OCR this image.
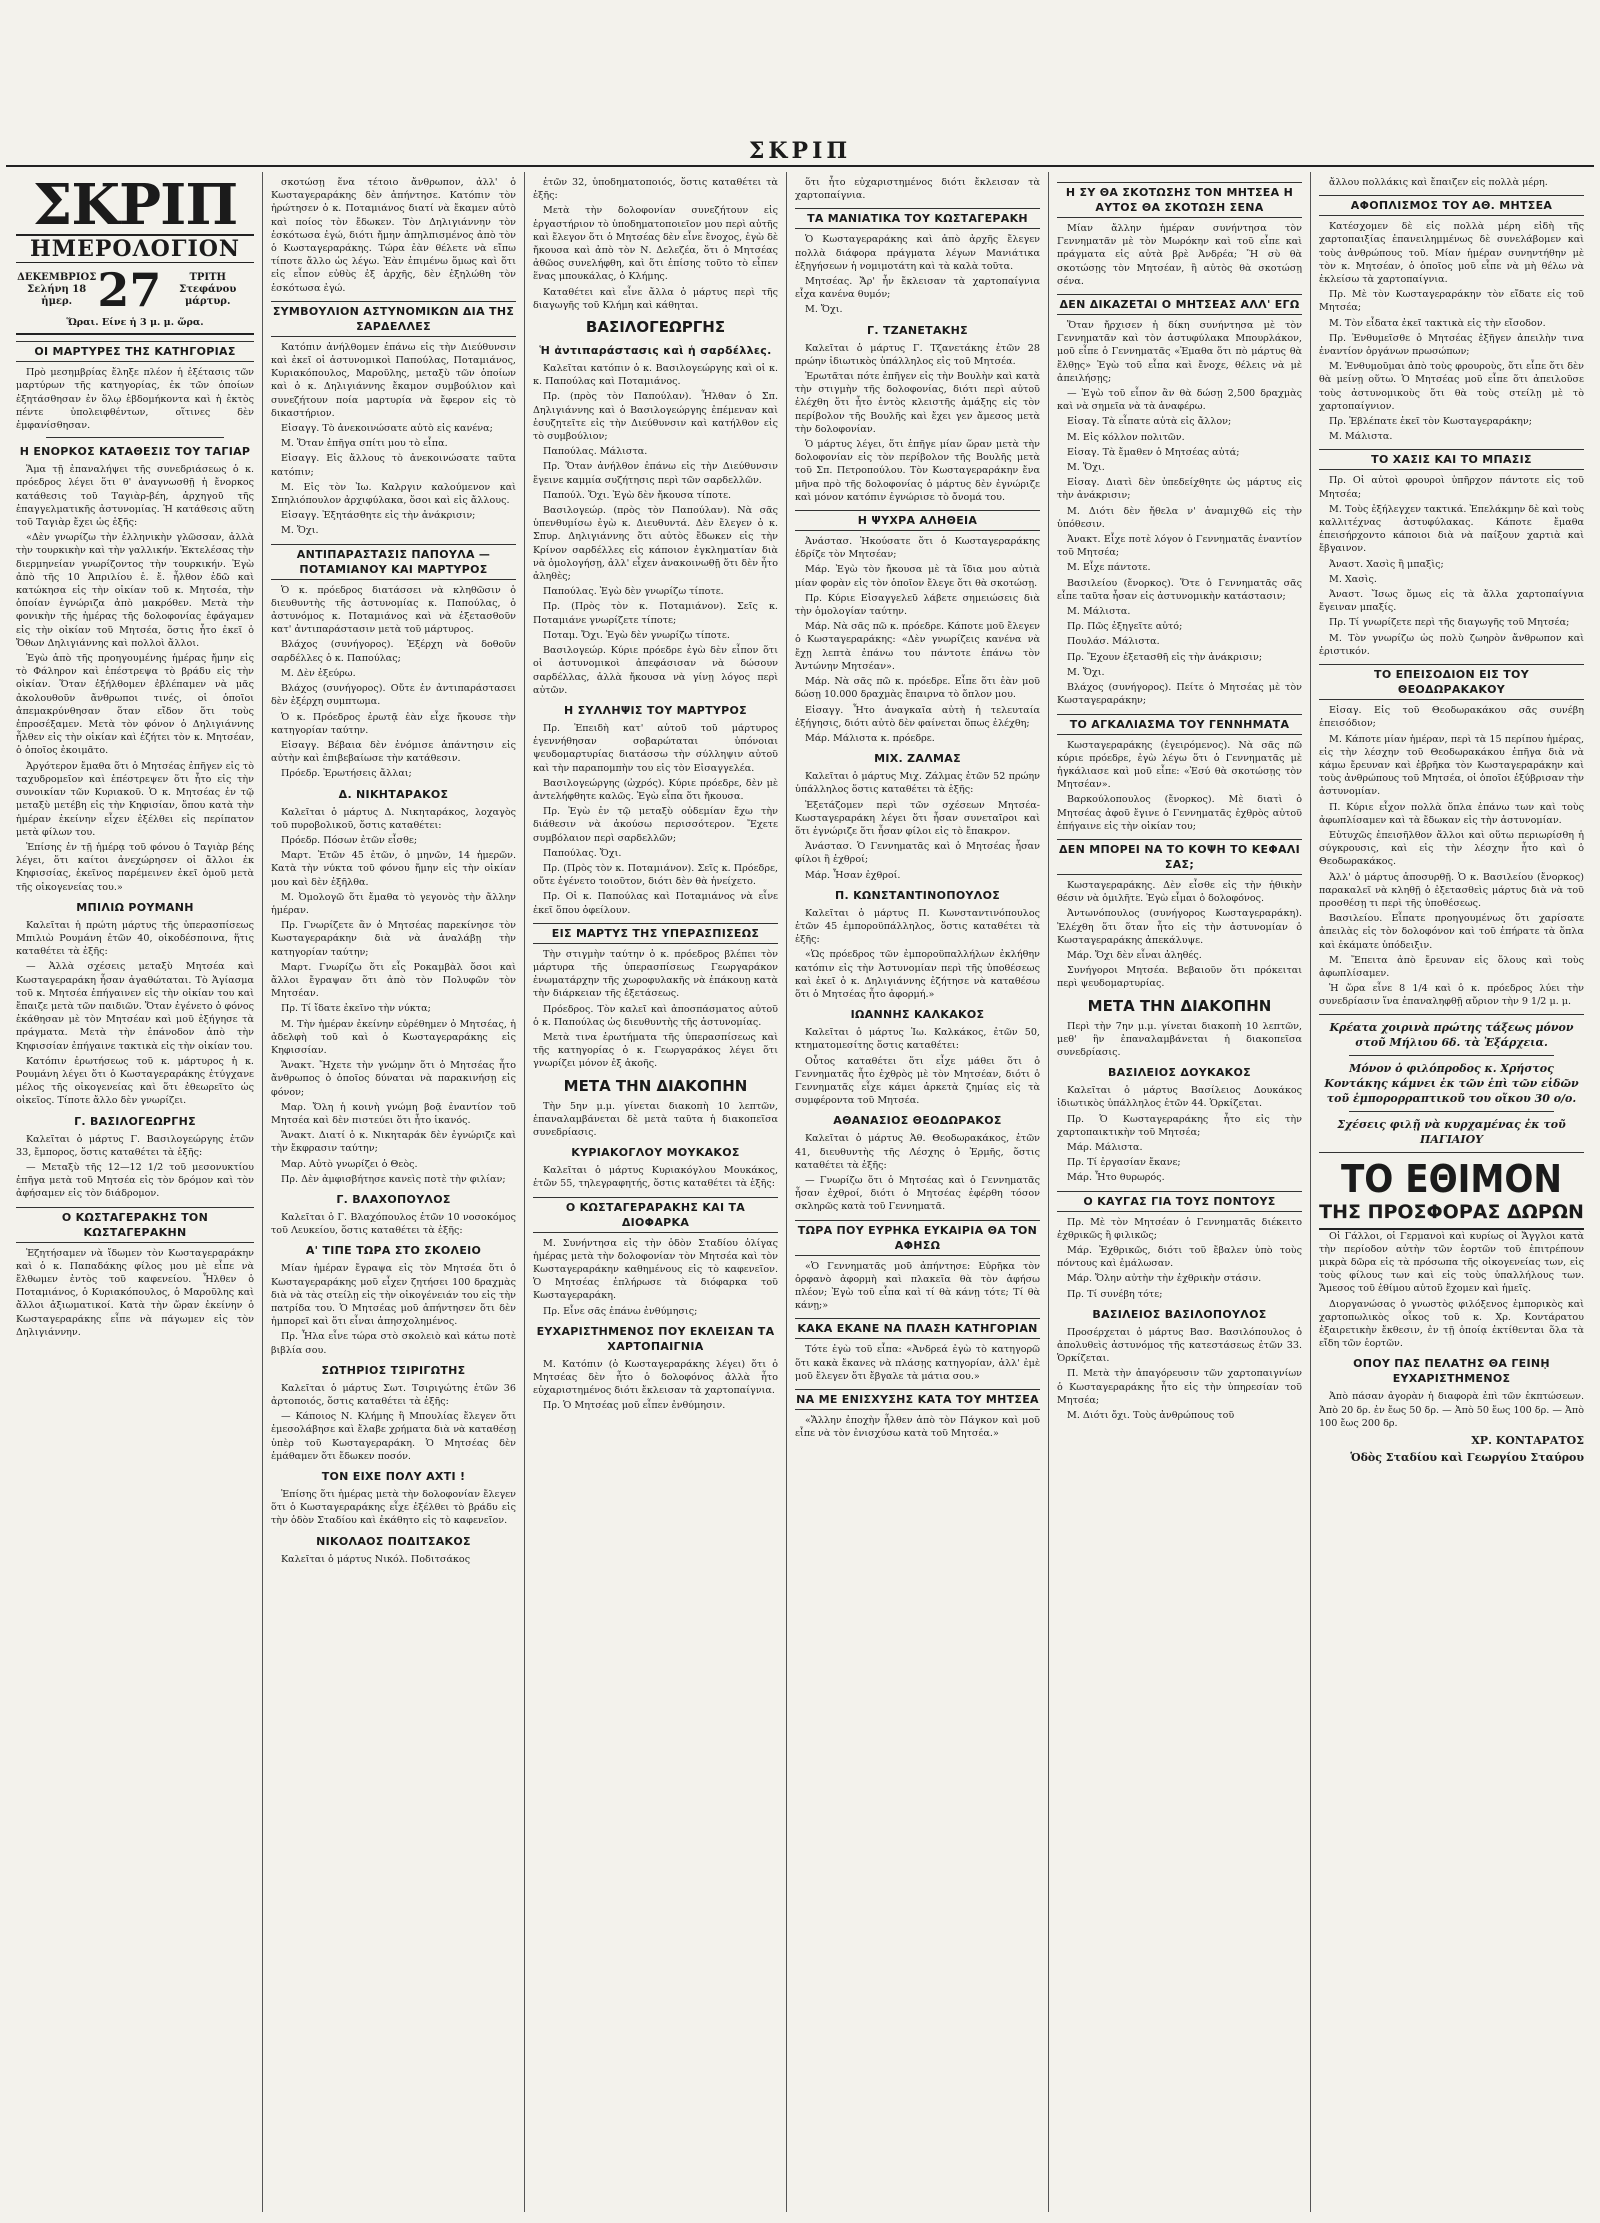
ΣΚΡΙΠ
ΣΚΡΙΠ
ΗΜΕΡΟΛΟΓΙΟΝ
ΔΕΚΕΜΒΡΙΟΣ
Σελήνη 18 ἡμερ. 27	ΤΡΙΤΗ
Στεφάνου μάρτυρ.
Ὥραι. Είνε ἡ 3 μ. μ. ὥρα.
ΟΙ ΜΑΡΤΥΡΕΣ ΤΗΣ ΚΑΤΗΓΟΡΙΑΣ

Πρὸ μεσημβρίας ἔληξε πλέον ἡ ἐξέτασις τῶν μαρτύρων τῆς κατηγορίας, ἐκ τῶν ὁποίων ἐξητάσθησαν ἐν ὅλῳ ἑβδομήκοντα καὶ ἡ ἐκτὸς πέντε ὑπολειφθέντων, οἵτινες δὲν ἐμφανίσθησαν.

Η ΕΝΟΡΚΟΣ ΚΑΤΑΘΕΣΙΣ ΤΟΥ ΤΑΓΙΑΡ

Ἅμα τῇ ἐπαναλήψει τῆς συνεδριάσεως ὁ κ. πρόεδρος λέγει ὅτι θ' ἀναγνωσθῇ ἡ ἔνορκος κατάθεσις τοῦ Ταγιὰρ-βέη, ἀρχηγοῦ τῆς ἐπαγγελματικῆς ἀστυνομίας. Ἡ κατάθεσις αὕτη τοῦ Ταγιὰρ ἔχει ὡς ἑξῆς:

«Δὲν γνωρίζω τὴν ἑλληνικὴν γλῶσσαν, ἀλλὰ τὴν τουρκικὴν καὶ τὴν γαλλικήν. Ἐκτελέσας τὴν διερμηνείαν γνωρίζοντος τὴν τουρκικήν. Ἐγὼ ἀπὸ τῆς 10 Ἀπριλίου ἐ. ἔ. ἦλθον ἐδῶ καὶ κατώκησα εἰς τὴν οἰκίαν τοῦ κ. Μητσέα, τὴν ὁποίαν ἐγνώριζα ἀπὸ μακρόθεν. Μετὰ τὴν φονικὴν τῆς ἡμέρας τῆς δολοφονίας ἐφάγαμεν εἰς τὴν οἰκίαν τοῦ Μητσέα, ὅστις ἦτο ἐκεῖ ὁ Ὄθων Δηλιγιάννης καὶ πολλοὶ ἄλλοι.

Ἐγὼ ἀπὸ τῆς προηγουμένης ἡμέρας ἤμην εἰς τὸ Φάληρον καὶ ἐπέστρεψα τὸ βράδυ εἰς τὴν οἰκίαν. Ὅταν ἐξήλθομεν ἐβλέπαμεν νὰ μᾶς ἀκολουθοῦν ἄνθρωποι τινές, οἱ ὁποῖοι ἀπεμακρύνθησαν ὅταν εἴδον ὅτι τοὺς ἐπροσέξαμεν. Μετὰ τὸν φόνον ὁ Δηλιγιάννης ἦλθεν εἰς τὴν οἰκίαν καὶ ἐζήτει τὸν κ. Μητσέαν, ὁ ὁποῖος ἐκοιμᾶτο.

Ἀργότερον ἔμαθα ὅτι ὁ Μητσέας ἐπῆγεν εἰς τὸ ταχυδρομεῖον καὶ ἐπέστρεψεν ὅτι ἦτο εἰς τὴν συνοικίαν τῶν Κυριακοῦ. Ὁ κ. Μητσέας ἐν τῷ μεταξὺ μετέβη εἰς τὴν Κηφισίαν, ὅπου κατὰ τὴν ἡμέραν ἐκείνην εἶχεν ἐξέλθει εἰς περίπατον μετὰ φίλων του.

Ἐπίσης ἐν τῇ ἡμέρᾳ τοῦ φόνου ὁ Ταγιὰρ βέης λέγει, ὅτι καίτοι ἀνεχώρησεν οἱ ἄλλοι ἐκ Κηφισσίας, ἐκεῖνος παρέμεινεν ἐκεῖ ὁμοῦ μετὰ τῆς οἰκογενείας του.»

ΜΠΙΛΙΩ ΡΟΥΜΑΝΗ

Καλεῖται ἡ πρώτη μάρτυς τῆς ὑπερασπίσεως Μπιλιὼ Ρουμάνη ἐτῶν 40, οἰκοδέσποινα, ἥτις καταθέτει τὰ ἑξῆς:

— Ἀλλὰ σχέσεις μεταξὺ Μητσέα καὶ Κωσταγεραράκη ἦσαν ἀγαθώταται. Τὸ Ἁγίασμα τοῦ κ. Μητσέα ἐπήγαινεν εἰς τὴν οἰκίαν του καὶ ἔπαιζε μετὰ τῶν παιδιῶν. Ὅταν ἐγένετο ὁ φόνος ἐκάθησαν μὲ τὸν Μητσέαν καὶ μοῦ ἐξήγησε τὰ πράγματα. Μετὰ τὴν ἐπάνοδον ἀπὸ τὴν Κηφισσίαν ἐπήγαινε τακτικὰ εἰς τὴν οἰκίαν του.

Κατόπιν ἐρωτήσεως τοῦ κ. μάρτυρος ἡ κ. Ρουμάνη λέγει ὅτι ὁ Κωσταγεραράκης ἐτύγχανε μέλος τῆς οἰκογενείας καὶ ὅτι ἐθεωρεῖτο ὡς οἰκεῖος. Τίποτε ἄλλο δὲν γνωρίζει.

Γ. ΒΑΣΙΛΟΓΕΩΡΓΗΣ

Καλεῖται ὁ μάρτυς Γ. Βασιλογεώργης ἐτῶν 33, ἔμπορος, ὅστις καταθέτει τὰ ἑξῆς:

— Μεταξὺ τῆς 12—12 1/2 τοῦ μεσονυκτίου ἐπῆγα μετὰ τοῦ Μητσέα εἰς τὸν δρόμον καὶ τὸν ἀφήσαμεν εἰς τὸν διάδρομον.

Ο ΚΩΣΤΑΓΕΡΑΚΗΣ ΤΟΝ ΚΩΣΤΑΓΕΡΑΚΗΝ

Ἐζητήσαμεν νὰ ἴδωμεν τὸν Κωσταγεραράκην καὶ ὁ κ. Παπαδάκης φίλος μου μὲ εἶπε νὰ ἔλθωμεν ἐντὸς τοῦ καφενείου. Ἦλθεν ὁ Ποταμιάνος, ὁ Κυριακόπουλος, ὁ Μαροῦλης καὶ ἄλλοι ἀξιωματικοί. Κατὰ τὴν ὥραν ἐκείνην ὁ Κωσταγεραράκης εἶπε νὰ πάγωμεν εἰς τὸν Δηλιγιάννην.

σκοτώσῃ ἕνα τέτοιο ἄνθρωπον, ἀλλ' ὁ Κωσταγεραράκης δὲν ἀπήντησε. Κατόπιν τὸν ἠρώτησεν ὁ κ. Ποταμιάνος διατί νὰ ἔκαμεν αὐτὸ καὶ ποίος τὸν ἔδωκεν. Τὸν Δηλιγιάννην τὸν ἐσκότωσα ἐγώ, διότι ἤμην ἀπηλπισμένος ἀπὸ τὸν ὁ Κωσταγεραράκης. Τώρα ἐὰν θέλετε νὰ εἴπω τίποτε ἄλλο ὡς λέγω. Ἐὰν ἐπιμένω ὅμως καὶ ὅτι εἰς εἶπον εὐθὺς ἐξ ἀρχῆς, δὲν ἐξηλώθη τὸν ἐσκότωσα ἐγώ.

ΣΥΜΒΟΥΛΙΟΝ ΑΣΤΥΝΟΜΙΚΩΝ ΔΙΑ ΤΗΣ ΣΑΡΔΕΛΛΕΣ

Κατόπιν ἀνήλθομεν ἐπάνω εἰς τὴν Διεύθυνσιν καὶ ἐκεῖ οἱ ἀστυνομικοὶ Παπούλας, Ποταμιάνος, Κυριακόπουλος, Μαροῦλης, μεταξὺ τῶν ὁποίων καὶ ὁ κ. Δηλιγιάννης ἔκαμον συμβούλιον καὶ συνεζήτουν ποία μαρτυρία νὰ ἔφερον εἰς τὸ δικαστήριον.

Εἰσαγγ. Τὸ ἀνεκοινώσατε αὐτὸ εἰς κανένα;

Μ. Ὅταν ἐπῆγα σπίτι μου τὸ εἶπα.

Εἰσαγγ. Εἰς ἄλλους τὸ ἀνεκοινώσατε ταῦτα κατόπιν;

Μ. Εἰς τὸν Ἰω. Καλργιν καλούμενον καὶ Σπηλιόπουλον ἀρχιφύλακα, ὅσοι καὶ εἰς ἄλλους.

Εἰσαγγ. Ἐξητάσθητε εἰς τὴν ἀνάκρισιν;

Μ. Ὄχι.

ΑΝΤΙΠΑΡΑΣΤΑΣΙΣ ΠΑΠΟΥΛΑ — ΠΟΤΑΜΙΑΝΟΥ ΚΑΙ ΜΑΡΤΥΡΟΣ

Ὁ κ. πρόεδρος διατάσσει νὰ κληθῶσιν ὁ διευθυντὴς τῆς ἀστυνομίας κ. Παπούλας, ὁ ἀστυνόμος κ. Ποταμιάνος καὶ νὰ ἐξετασθοῦν κατ' ἀντιπαράστασιν μετὰ τοῦ μάρτυρος.

Βλάχος (συνήγορος). Ἐξέρχη νὰ δοθοῦν σαρδέλλες ὁ κ. Παπούλας;

Μ. Δὲν ἐξεύρω.

Βλάχος (συνήγορος). Οὔτε ἐν ἀντιπαράστασει δὲν ἐξέρχη συμπτωμα.

Ὁ κ. Πρόεδρος ἐρωτᾷ ἐὰν εἶχε ἤκουσε τὴν κατηγορίαν ταύτην.

Εἰσαγγ. Βέβαια δὲν ἐνόμισε ἀπάντησιν εἰς αὐτὴν καὶ ἐπιβεβαίωσε τὴν κατάθεσιν.

Πρόεδρ. Ἐρωτήσεις ἄλλαι;

Δ. ΝΙΚΗΤΑΡΑΚΟΣ

Καλεῖται ὁ μάρτυς Δ. Νικηταράκος, λοχαγὸς τοῦ πυροβολικοῦ, ὅστις καταθέτει:

Πρόεδρ. Πόσων ἐτῶν εἶσθε;

Μαρτ. Ἐτῶν 45 ἐτῶν, ὁ μηνῶν, 14 ἡμερῶν. Κατὰ τὴν νύκτα τοῦ φόνου ἤμην εἰς τὴν οἰκίαν μου καὶ δὲν ἐξῆλθα.

Μ. Ὀμολογῶ ὅτι ἔμαθα τὸ γεγονὸς τὴν ἄλλην ἡμέραν.

Πρ. Γνωρίζετε ἂν ὁ Μητσέας παρεκίνησε τὸν Κωσταγεραράκην διὰ νὰ ἀναλάβῃ τὴν κατηγορίαν ταύτην;

Μαρτ. Γνωρίζω ὅτι εἶς Ροκαμβὰλ ὅσοι καὶ ἄλλοι ἔγραψαν ὅτι ἀπὸ τὸν Πολυφῶν τὸν Μητσέαν.

Πρ. Τί ἴδατε ἐκεῖνο τὴν νύκτα;

Μ. Τὴν ἡμέραν ἐκείνην εὐρέθημεν ὁ Μητσέας, ἡ ἀδελφὴ τοῦ καὶ ὁ Κωσταγεραράκης εἰς Κηφισσίαν.

Ἄνακτ. Ἤχετε τὴν γνώμην ὅτι ὁ Μητσέας ἦτο ἄνθρωπος ὁ ὁποῖος δύναται νὰ παρακινήσῃ εἰς φόνον;

Μαρ. Ὄλη ἡ κοινὴ γνώμη βοᾷ ἐναντίον τοῦ Μητσέα καὶ δὲν πιστεύει ὅτι ἦτο ἱκανός.

Ἄνακτ. Διατί ὁ κ. Νικηταράκ δὲν ἐγνώριζε καὶ τὴν ἔκφρασιν ταύτην;

Μαρ. Αὐτὸ γνωρίζει ὁ Θεὸς.

Πρ. Δὲν ἀμφισβήτησε κανεὶς ποτὲ τὴν φιλίαν;

Γ. ΒΛΑΧΟΠΟΥΛΟΣ

Καλεῖται ὁ Γ. Βλαχόπουλος ἐτῶν 10 νοσοκόμος τοῦ Λευκείου, ὅστις καταθέτει τὰ ἑξῆς:

Α' ΤΙΠΕ ΤΩΡΑ ΣΤΟ ΣΚΟΛΕΙΟ

Μίαν ἡμέραν ἔγραψα εἰς τὸν Μητσέα ὅτι ὁ Κωσταγεραράκης μοῦ εἶχεν ζητήσει 100 δραχμὰς διὰ νὰ τὰς στείλῃ εἰς τὴν οἰκογένειάν του εἰς τὴν πατρίδα του. Ὁ Μητσέας μοῦ ἀπήντησεν ὅτι δὲν ἠμπορεῖ καὶ ὅτι εἶναι ἀπησχολημένος.

Πρ. Ἦλα εἶνε τώρα στὸ σκολειὸ καὶ κάτω ποτὲ βιβλία σου.

ΣΩΤΗΡΙΟΣ ΤΣΙΡΙΓΩΤΗΣ

Καλεῖται ὁ μάρτυς Σωτ. Τσιριγώτης ἐτῶν 36 ἀρτοποιός, ὅστις καταθέτει τὰ ἑξῆς:

— Κάποιος Ν. Κλήμης ἢ Μπουλίας ἔλεγεν ὅτι ἐμεσολάβησε καὶ ἔλαβε χρήματα διὰ νὰ καταθέσῃ ὑπὲρ τοῦ Κωσταγεραράκη. Ὁ Μητσέας δὲν ἐμάθαμεν ὅτι ἔδωκεν ποσόν.

ΤΟΝ ΕΙΧΕ ΠΟΛΥ ΑΧΤΙ !

Ἐπίσης ὅτι ἡμέρας μετὰ τὴν δολοφονίαν ἔλεγεν ὅτι ὁ Κωσταγεραράκης εἶχε ἐξέλθει τὸ βράδυ εἰς τὴν ὁδὸν Σταδίου καὶ ἐκάθητο εἰς τὸ καφενεῖον.

ΝΙΚΟΛΑΟΣ ΠΟΔΙΤΣΑΚΟΣ

Καλεῖται ὁ μάρτυς Νικόλ. Ποδιτσάκος

ἐτῶν 32, ὑποδηματοποιός, ὅστις καταθέτει τὰ ἑξῆς:

Μετὰ τὴν δολοφονίαν συνεζήτουν εἰς ἐργαστήριον τὸ ὑποδηματοποιεῖον μου περὶ αὐτῆς καὶ ἔλεγον ὅτι ὁ Μητσέας δὲν εἶνε ἔνοχος, ἐγὼ δὲ ἤκουσα καὶ ἀπὸ τὸν Ν. Δελεζέα, ὅτι ὁ Μητσέας ἀθῶος συνελήφθη, καὶ ὅτι ἐπίσης τοῦτο τὸ εἶπεν ἕνας μπουκάλας, ὁ Κλήμης.

Καταθέτει καὶ εἶνε ἄλλα ὁ μάρτυς περὶ τῆς διαγωγῆς τοῦ Κλήμη καὶ κάθηται.

ΒΑΣΙΛΟΓΕΩΡΓΗΣ
Ἡ ἀντιπαράστασις καὶ ἡ σαρδέλλες.

Καλεῖται κατόπιν ὁ κ. Βασιλογεώργης καὶ οἱ κ. κ. Παπούλας καὶ Ποταμιάνος.

Πρ. (πρὸς τὸν Παπούλαν). Ἦλθαν ὁ Σπ. Δηλιγιάννης καὶ ὁ Βασιλογεώργης ἐπέμεναν καὶ ἐσυζητεῖτε εἰς τὴν Διεύθυνσιν καὶ κατήλθον εἰς τὸ συμβούλιον;

Παπούλας. Μάλιστα.

Πρ. Ὅταν ἀνήλθον ἐπάνω εἰς τὴν Διεύθυνσιν ἔγεινε καμμία συζήτησις περὶ τῶν σαρδελλῶν.

Παπούλ. Ὄχι. Ἐγὼ δὲν ἤκουσα τίποτε.

Βασιλογεώρ. (πρὸς τὸν Παπούλαν). Νὰ σᾶς ὑπενθυμίσω ἐγὼ κ. Διευθυντά. Δὲν ἔλεγεν ὁ κ. Σπυρ. Δηλιγιάννης ὅτι αὐτὸς ἔδωκεν εἰς τὴν Κρίνον σαρδέλλες εἰς κάποιον ἐγκληματίαν διὰ νὰ ὁμολογήσῃ, ἀλλ' εἶχεν ἀνακοινωθῇ ὅτι δὲν ἦτο ἀληθὲς;

Παπούλας. Ἐγὼ δὲν γνωρίζω τίποτε.

Πρ. (Πρὸς τὸν κ. Ποταμιάνον). Σεῖς κ. Ποταμιάνε γνωρίζετε τίποτε;

Ποταμ. Ὄχι. Ἐγὼ δὲν γνωρίζω τίποτε.

Βασιλογεώρ. Κύριε πρόεδρε ἐγὼ δὲν εἶπον ὅτι οἱ ἀστυνομικοὶ ἀπεφάσισαν νὰ δώσουν σαρδέλλας, ἀλλὰ ἤκουσα νὰ γίνῃ λόγος περὶ αὐτῶν.

Η ΣΥΛΛΗΨΙΣ ΤΟΥ ΜΑΡΤΥΡΟΣ

Πρ. Ἐπειδὴ κατ' αὐτοῦ τοῦ μάρτυρος ἐγεννήθησαν σοβαρώταται ὑπόνοιαι ψευδομαρτυρίας διατάσσω τὴν σύλληψιν αὐτοῦ καὶ τὴν παραπομπὴν του εἰς τὸν Εἰσαγγελέα.

Βασιλογεώργης (ὠχρός). Κύριε πρόεδρε, δὲν μὲ ἀντελήφθητε καλῶς. Ἐγὼ εἶπα ὅτι ἤκουσα.

Πρ. Ἐγὼ ἐν τῷ μεταξὺ οὐδεμίαν ἔχω τὴν διάθεσιν νὰ ἀκούσω περισσότερον. Ἔχετε συμβόλαιον περὶ σαρδελλῶν;

Παπούλας. Ὄχι.

Πρ. (Πρὸς τὸν κ. Ποταμιάνον). Σεῖς κ. Πρόεδρε, οὔτε ἐγένετο τοιοῦτον, διότι δὲν θὰ ἠνείχετο.

Πρ. Οἱ κ. Παπούλας καὶ Ποταμιάνος νὰ εἶνε ἐκεῖ ὅπου ὀφείλουν.

ΕΙΣ ΜΑΡΤΥΣ ΤΗΣ ΥΠΕΡΑΣΠΙΣΕΩΣ

Τὴν στιγμὴν ταύτην ὁ κ. πρόεδρος βλέπει τὸν μάρτυρα τῆς ὑπερασπίσεως Γεωργαράκον ἐνωματάρχην τῆς χωροφυλακῆς νὰ ἐπάκουῃ κατὰ τὴν διάρκειαν τῆς ἐξετάσεως.

Πρόεδρος. Τὸν καλεῖ καὶ ἀποσπάσματος αὐτοῦ ὁ κ. Παπούλας ὡς διευθυντὴς τῆς ἀστυνομίας.

Μετὰ τινα ἐρωτήματα τῆς ὑπερασπίσεως καὶ τῆς κατηγορίας ὁ κ. Γεωργαράκος λέγει ὅτι γνωρίζει μόνον ἐξ ἀκοῆς.

ΜΕΤΑ ΤΗΝ ΔΙΑΚΟΠΗΝ

Τὴν 5ην μ.μ. γίνεται διακοπὴ 10 λεπτῶν, ἐπαναλαμβάνεται δὲ μετὰ ταῦτα ἡ διακοπεῖσα συνεδρίασις.

ΚΥΡΙΑΚΟΓΛΟΥ ΜΟΥΚΑΚΟΣ

Καλεῖται ὁ μάρτυς Κυριακόγλου Μουκάκος, ἐτῶν 55, τηλεγραφητής, ὅστις καταθέτει τὰ ἑξῆς:

Ο ΚΩΣΤΑΓΕΡΑΡΑΚΗΣ ΚΑΙ ΤΑ ΔΙΟΦΑΡΚΑ

Μ. Συνήντησα εἰς τὴν ὁδὸν Σταδίου ὀλίγας ἡμέρας μετὰ τὴν δολοφονίαν τὸν Μητσέα καὶ τὸν Κωσταγεραράκην καθημένους εἰς τὸ καφενεῖον. Ὁ Μητσέας ἐπλήρωσε τὰ διόφαρκα τοῦ Κωσταγεραράκη.

Πρ. Εἶνε σᾶς ἐπάνω ἐνθύμησις;

ΕΥΧΑΡΙΣΤΗΜΕΝΟΣ ΠΟΥ ΕΚΛΕΙΣΑΝ ΤΑ ΧΑΡΤΟΠΑΙΓΝΙΑ

Μ. Κατόπιν (ὁ Κωσταγεραράκης λέγει) ὅτι ὁ Μητσέας δὲν ἦτο ὁ δολοφόνος ἀλλὰ ἦτο εὐχαριστημένος διότι ἔκλεισαν τὰ χαρτοπαίγνια.

Πρ. Ὁ Μητσέας μοῦ εἶπεν ἐνθύμησιν.

ὅτι ἦτο εὐχαριστημένος διότι ἔκλεισαν τὰ χαρτοπαίγνια.

ΤΑ ΜΑΝΙΑΤΙΚΑ ΤΟΥ ΚΩΣΤΑΓΕΡΑΚΗ

Ὁ Κωσταγεραράκης καὶ ἀπὸ ἀρχῆς ἔλεγεν πολλὰ διάφορα πράγματα λέγων Μανιάτικα ἐξηγήσεων ἡ νομιμοτάτη καὶ τὰ καλὰ τοῦτα.

Μητσέας. Ἄρ' ἦν ἔκλεισαν τὰ χαρτοπαίγνια εἶχα κανένα θυμόν;

Μ. Ὄχι.

Γ. ΤΖΑΝΕΤΑΚΗΣ

Καλεῖται ὁ μάρτυς Γ. Τζανετάκης ἐτῶν 28 πρώην ἰδιωτικὸς ὑπάλληλος εἰς τοῦ Μητσέα.

Ἐρωτᾶται πότε ἐπῆγεν εἰς τὴν Βουλὴν καὶ κατὰ τὴν στιγμὴν τῆς δολοφονίας, διότι περὶ αὐτοῦ ἐλέχθη ὅτι ἦτο ἐντὸς κλειστῆς ἁμάξης εἰς τὸν περίβολον τῆς Βουλῆς καὶ ἔχει γεν ἄμεσος μετὰ τὴν δολοφονίαν.

Ὁ μάρτυς λέγει, ὅτι ἐπῆγε μίαν ὥραν μετὰ τὴν δολοφονίαν εἰς τὸν περίβολον τῆς Βουλῆς μετὰ τοῦ Σπ. Πετροπούλου. Τὸν Κωσταγεραράκην ἔνα μῆνα πρὸ τῆς δολοφονίας ὁ μάρτυς δὲν ἐγνώριζε καὶ μόνον κατόπιν ἐγνώρισε τὸ ὄνομά του.

Η ΨΥΧΡΑ ΑΛΗΘΕΙΑ

Ἀνάστασ. Ἠκούσατε ὅτι ὁ Κωσταγεραράκης ἐδρίζε τὸν Μητσέαν;

Μάρ. Ἐγὼ τὸν ἤκουσα μὲ τὰ ἴδια μου αὐτιὰ μίαν φορὰν εἰς τὸν ὁποῖον ἔλεγε ὅτι θὰ σκοτώσῃ.

Πρ. Κύριε Εἰσαγγελεῦ λάβετε σημειώσεις διὰ τὴν ὁμολογίαν ταύτην.

Μάρ. Νὰ σᾶς πῶ κ. πρόεδρε. Κάποτε μοῦ ἔλεγεν ὁ Κωσταγεραράκης: «Δὲν γνωρίζεις κανένα νὰ ἔχῃ λεπτὰ ἐπάνω του πάντοτε ἐπάνω τὸν Ἀντώνην Μητσέαν».

Μάρ. Νὰ σᾶς πῶ κ. πρόεδρε. Εἶπε ὅτι ἐὰν μοῦ δώσῃ 10.000 δραχμὰς ἔπαιρνα τὸ ὅπλον μου.

Εἰσαγγ. Ἦτο ἀναγκαῖα αὐτὴ ἡ τελευταία ἐξήγησις, διότι αὐτὸ δὲν φαίνεται ὅπως ἐλέχθη;

Μάρ. Μάλιστα κ. πρόεδρε.

ΜΙΧ. ΖΑΛΜΑΣ

Καλεῖται ὁ μάρτυς Μιχ. Ζάλμας ἐτῶν 52 πρώην ὑπάλληλος ὅστις καταθέτει τὰ ἑξῆς:

Ἐξετάζομεν περὶ τῶν σχέσεων Μητσέα-Κωσταγεραράκη λέγει ὅτι ἦσαν συνεταῖροι καὶ ὅτι ἐγνώριζε ὅτι ἦσαν φίλοι εἰς τὸ ἔπακρον.

Ἀνάστασ. Ὁ Γεννηματᾶς καὶ ὁ Μητσέας ἦσαν φίλοι ἢ ἐχθροί;

Μάρ. Ἦσαν ἐχθροί.

Π. ΚΩΝΣΤΑΝΤΙΝΟΠΟΥΛΟΣ

Καλεῖται ὁ μάρτυς Π. Κωνσταντινόπουλος ἐτῶν 45 ἐμποροϋπάλληλος, ὅστις καταθέτει τὰ ἑξῆς:

«Ὡς πρόεδρος τῶν ἐμποροϋπαλλήλων ἐκλήθην κατόπιν εἰς τὴν Ἀστυνομίαν περὶ τῆς ὑποθέσεως καὶ ἐκεῖ ὁ κ. Δηλιγιάννης ἐζήτησε νὰ καταθέσω ὅτι ὁ Μητσέας ἦτο ἀφορμή.»

ΙΩΑΝΝΗΣ ΚΑΛΚΑΚΟΣ

Καλεῖται ὁ μάρτυς Ἰω. Καλκάκος, ἐτῶν 50, κτηματομεσίτης ὅστις καταθέτει:

Οὗτος καταθέτει ὅτι εἶχε μάθει ὅτι ὁ Γεννηματᾶς ἦτο ἐχθρὸς μὲ τὸν Μητσέαν, διότι ὁ Γεννηματᾶς εἶχε κάμει ἀρκετὰ ζημίας εἰς τὰ συμφέροντα τοῦ Μητσέα.

ΑΘΑΝΑΣΙΟΣ ΘΕΟΔΩΡΑΚΟΣ

Καλεῖται ὁ μάρτυς Ἀθ. Θεοδωρακάκος, ἐτῶν 41, διευθυντὴς τῆς Λέσχης ὁ Ἑρμῆς, ὅστις καταθέτει τὰ ἑξῆς:

— Γνωρίζω ὅτι ὁ Μητσέας καὶ ὁ Γεννηματᾶς ἦσαν ἐχθροί, διότι ὁ Μητσέας ἐφέρθη τόσον σκληρῶς κατὰ τοῦ Γεννηματᾶ.

ΤΩΡΑ ΠΟΥ ΕΥΡΗΚΑ ΕΥΚΑΙΡΙΑ ΘΑ ΤΟΝ ΑΦΗΣΩ

«Ὁ Γεννηματᾶς μοῦ ἀπήντησε: Εὑρῆκα τὸν ὀρφανὸ ἀφορμὴ καὶ πλακεῖα θὰ τὸν ἀφήσω πλέον; Ἐγὼ τοῦ εἶπα καὶ τί θὰ κάνῃ τότε; Τί θὰ κάνῃ;»

ΚΑΚΑ ΕΚΑΝΕ ΝΑ ΠΛΑΣΗ ΚΑΤΗΓΟΡΙΑΝ

Τότε ἐγὼ τοῦ εἶπα: «Ἀνδρεά ἐγὼ τὸ κατηγορῶ ὅτι κακὰ ἔκανες νὰ πλάσῃς κατηγορίαν, ἀλλ' ἐμὲ μοῦ ἔλεγεν ὅτι ἔβγαλε τὰ μάτια σου.»

ΝΑ ΜΕ ΕΝΙΣΧΥΣΗΣ ΚΑΤΑ ΤΟΥ ΜΗΤΣΕΑ

«Ἄλλην ἐποχὴν ἦλθεν ἀπὸ τὸν Πάγκον καὶ μοῦ εἶπε νὰ τὸν ἐνισχύσω κατὰ τοῦ Μητσέα.»

Η ΣΥ ΘΑ ΣΚΟΤΩΣΗΣ ΤΟΝ ΜΗΤΣΕΑ Η ΑΥΤΟΣ ΘΑ ΣΚΟΤΩΣΗ ΣΕΝΑ

Μίαν ἄλλην ἡμέραν συνήντησα τὸν Γεννηματᾶν μὲ τὸν Μωρόκην καὶ τοῦ εἶπε καὶ πράγματα εἰς αὐτὰ βρὲ Ἀνδρέα; Ἢ σὺ θὰ σκοτώσῃς τὸν Μητσέαν, ἢ αὐτὸς θὰ σκοτώσῃ σένα.

ΔΕΝ ΔΙΚΑΖΕΤΑΙ Ο ΜΗΤΣΕΑΣ ΑΛΛ' ΕΓΩ

Ὅταν ἤρχισεν ἡ δίκη συνήντησα μὲ τὸν Γεννηματᾶν καὶ τὸν ἀστυφύλακα Μπουρλάκον, μοῦ εἶπε ὁ Γεννηματᾶς «Ἐμαθα ὅτι πὸ μάρτυς θὰ ἔλθῃς» Ἐγὼ τοῦ εἶπα καὶ ἔνοχε, θέλεις νὰ μὲ ἀπειλήσῃς;

— Ἐγὼ τοῦ εἶπον ἂν θὰ δώσῃ 2,500 δραχμὰς καὶ νὰ σημεῖα νὰ τὰ ἀναφέρω.

Εἰσαγ. Τὰ εἶπατε αὐτὰ εἰς ἄλλον;

Μ. Εἰς κόλλον πολιτῶν.

Εἰσαγ. Τὰ ἔμαθεν ὁ Μητσέας αὐτά;

Μ. Ὅχι.

Εἰσαγ. Διατὶ δὲν ὑπεδείχθητε ὡς μάρτυς εἰς τὴν ἀνάκρισιν;

Μ. Διότι δὲν ἤθελα ν' ἀναμιχθῶ εἰς τὴν ὑπόθεσιν.

Ἀνακτ. Εἶχε ποτὲ λόγον ὁ Γεννηματᾶς ἐναντίον τοῦ Μητσέα;

Μ. Εἶχε πάντοτε.

Βασιλείου (ἔνορκος). Ὅτε ὁ Γεννηματᾶς σᾶς εἶπε ταῦτα ἦσαν εἰς ἀστυνομικὴν κατάστασιν;

Μ. Μάλιστα.

Πρ. Πῶς ἐξηγεῖτε αὐτό;

Πουλάσ. Μάλιστα.

Πρ. Ἔχουν ἐξετασθῆ εἰς τὴν ἀνάκρισιν;

Μ. Ὄχι.

Βλάχος (συνήγορος). Πείτε ὁ Μητσέας μὲ τὸν Κωσταγεραράκην;

ΤΟ ΑΓΚΑΛΙΑΣΜΑ ΤΟΥ ΓΕΝΝΗΜΑΤΑ

Κωσταγεραράκης (ἐγειρόμενος). Νὰ σᾶς πῶ κύριε πρόεδρε, ἐγὼ λέγω ὅτι ὁ Γεννηματᾶς μὲ ἠγκάλιασε καὶ μοῦ εἶπε: «Ἐσύ θὰ σκοτώσῃς τὸν Μητσέαν».

Βαρκούλοπουλος (ἔνορκος). Μὲ διατὶ ὁ Μητσέας ἀφοῦ ἔγινε ὁ Γεννηματᾶς ἐχθρὸς αὐτοῦ ἐπήγαινε εἰς τὴν οἰκίαν του;

ΔΕΝ ΜΠΟΡΕΙ ΝΑ ΤΟ ΚΟΨΗ ΤΟ ΚΕΦΑΛΙ ΣΑΣ;

Κωσταγεραράκης. Δὲν εἶσθε εἰς τὴν ἡθικὴν θέσιν νὰ ὁμιλῆτε. Ἐγὼ εἶμαι ὁ δολοφόνος.

Ἀντωνόπουλος (συνήγορος Κωσταγεραράκη). Ἐλέχθη ὅτι ὅταν ἦτο εἰς τὴν ἀστυνομίαν ὁ Κωσταγεραράκης ἀπεκάλυψε.

Μάρ. Ὄχι δὲν εἶναι ἀληθές.

Συνήγοροι Μητσέα. Βεβαιοῦν ὅτι πρόκειται περὶ ψευδομαρτυρίας.

ΜΕΤΑ ΤΗΝ ΔΙΑΚΟΠΗΝ

Περὶ τὴν 7ην μ.μ. γίνεται διακοπὴ 10 λεπτῶν, μεθ' ἣν ἐπαναλαμβάνεται ἡ διακοπεῖσα συνεδρίασις.

ΒΑΣΙΛΕΙΟΣ ΔΟΥΚΑΚΟΣ

Καλεῖται ὁ μάρτυς Βασίλειος Δουκάκος ἰδιωτικὸς ὑπάλληλος ἐτῶν 44. Ὁρκίζεται.

Πρ. Ὁ Κωσταγεραράκης ἦτο εἰς τὴν χαρτοπαικτικὴν τοῦ Μητσέα;

Μάρ. Μάλιστα.

Πρ. Τί ἐργασίαν ἔκανε;

Μάρ. Ἦτο θυρωρός.

Ο ΚΑΥΓΑΣ ΓΙΑ ΤΟΥΣ ΠΟΝΤΟΥΣ

Πρ. Μὲ τὸν Μητσέαν ὁ Γεννηματᾶς διέκειτο ἐχθρικῶς ἢ φιλικῶς;

Μάρ. Ἐχθρικῶς, διότι τοῦ ἔβαλεν ὑπὸ τοὺς πόντους καὶ ἐμάλωσαν.

Μάρ. Ὄλην αὐτὴν τὴν ἐχθρικὴν στάσιν.

Πρ. Τί συνέβη τότε;

ΒΑΣΙΛΕΙΟΣ ΒΑΣΙΛΟΠΟΥΛΟΣ

Προσέρχεται ὁ μάρτυς Βασ. Βασιλόπουλος ὁ ἀπολυθεὶς ἀστυνόμος τῆς κατεστάσεως ἐτῶν 33. Ὁρκίζεται.

Π. Μετὰ τὴν ἀπαγόρευσιν τῶν χαρτοπαιγνίων ὁ Κωσταγεραράκης ἦτο εἰς τὴν ὑπηρεσίαν τοῦ Μητσέα;

Μ. Διότι ὄχι. Τοὺς ἀνθρώπους τοῦ

ἄλλου πολλάκις καὶ ἔπαιζεν εἰς πολλὰ μέρη.

ΑΦΟΠΛΙΣΜΟΣ ΤΟΥ ΑΘ. ΜΗΤΣΕΑ

Κατέσχομεν δὲ εἰς πολλὰ μέρη εἰδὴ τῆς χαρτοπαιξίας ἐπανειλημμένως δὲ συνελάβομεν καὶ τοὺς ἀνθρώπους τοῦ. Μίαν ἡμέραν συνηντήθην μὲ τὸν κ. Μητσέαν, ὁ ὁποῖος μοῦ εἶπε νὰ μὴ θέλω νὰ ἐκλείσω τὰ χαρτοπαίγνια.

Πρ. Μὲ τὸν Κωσταγεραράκην τὸν εἴδατε εἰς τοῦ Μητσέα;

Μ. Τὸν εἶδατα ἐκεῖ τακτικὰ εἰς τὴν εἴσοδον.

Πρ. Ἐνθυμεῖσθε ὁ Μητσέας ἐξῆγεν ἀπειλὴν τινα ἐναντίον ὀργάνων πρωσώπων;

Μ. Ἐνθυμοῦμαι ἀπὸ τοὺς φρουροὺς, ὅτι εἶπε ὅτι δὲν θὰ μείνῃ οὕτω. Ὁ Μητσέας μοῦ εἶπε ὅτι ἀπειλοῦσε τοὺς ἀστυνομικοὺς ὅτι θὰ τοὺς στείλῃ μὲ τὸ χαρτοπαίγνιον.

Πρ. Ἐβλέπατε ἐκεῖ τὸν Κωσταγεραράκην;

Μ. Μάλιστα.

ΤΟ ΧΑΣΙΣ ΚΑΙ ΤΟ ΜΠΑΣΙΣ

Πρ. Οἱ αὐτοὶ φρουροὶ ὑπῆρχον πάντοτε εἰς τοῦ Μητσέα;

Μ. Τοὺς ἐξήλεγχεν τακτικά. Ἐπελάκμην δὲ καὶ τοὺς καλλιτέχνας ἀστυφύλακας. Κάποτε ἔμαθα ἐπεισήρχοντο κάποιοι διὰ νὰ παίξουν χαρτιὰ καὶ ἔβγαινον.

Ἀναστ. Χασὶς ἢ μπαξὶς;

Μ. Χασὶς.

Ἀναστ. Ἴσως ὅμως εἰς τὰ ἄλλα χαρτοπαίγνια ἔγειναν μπαξίς.

Πρ. Τί γνωρίζετε περὶ τῆς διαγωγῆς τοῦ Μητσέα;

Μ. Τὸν γνωρίζω ὡς πολὺ ζωηρὸν ἄνθρωπον καὶ ἐριστικόν.

ΤΟ ΕΠΕΙΣΟΔΙΟΝ ΕΙΣ ΤΟΥ ΘΕΟΔΩΡΑΚΑΚΟΥ

Εἰσαγ. Εἰς τοῦ Θεοδωρακάκου σᾶς συνέβη ἐπεισόδιον;

Μ. Κάποτε μίαν ἡμέραν, περὶ τὰ 15 περίπου ἡμέρας, εἰς τὴν λέσχην τοῦ Θεοδωρακάκου ἐπῆγα διὰ νὰ κάμω ἔρευναν καὶ ἐβρῆκα τὸν Κωσταγεραράκην καὶ τοὺς ἀνθρώπους τοῦ Μητσέα, οἱ ὁποῖοι ἐξύβρισαν τὴν ἀστυνομίαν.

Π. Κύριε εἶχον πολλὰ ὅπλα ἐπάνω των καὶ τοὺς ἀφωπλίσαμεν καὶ τὰ ἔδωκαν εἰς τὴν ἀστυνομίαν.

Εὐτυχῶς ἐπεισῆλθον ἄλλοι καὶ οὕτω περιωρίσθη ἡ σύγκρουσις, καὶ εἰς τὴν λέσχην ἦτο καὶ ὁ Θεοδωρακάκος.

Ἀλλ' ὁ μάρτυς ἀποσυρθῇ. Ὁ κ. Βασιλείου (ἔνορκος) παρακαλεῖ νὰ κληθῇ ὁ ἐξετασθεὶς μάρτυς διὰ νὰ τοῦ προσθέσῃ τι περὶ τῆς ὑποθέσεως.

Βασιλείου. Εἶπατε προηγουμένως ὅτι χαρίσατε ἀπειλὰς εἰς τὸν δολοφόνον καὶ τοῦ ἐπήρατε τὰ ὅπλα καὶ ἐκάματε ὑπόδειξιν.

Μ. Ἔπειτα ἀπὸ ἔρευναν εἰς ὅλους καὶ τοὺς ἀφωπλίσαμεν.

Ἡ ὥρα εἶνε 8 1/4 καὶ ὁ κ. πρόεδρος λύει τὴν συνεδρίασιν ἵνα ἐπαναληφθῇ αὔριον τὴν 9 1/2 μ. μ.

Κρέατα χοιρινὰ πρώτης τάξεως μόνον στοῦ Μήλιου 6δ. τὰ Ἐξάρχεια.
Μόνον ὁ φιλόπροδος κ. Χρήστος Κοντάκης κάμνει ἐκ τῶν ἐπὶ τῶν εἰδῶν τοῦ ἐμπορορραπτικοῦ του οἴκου 30 ο/ο.
Σχέσεις φιλῇ νὰ κυρχαμένας ἐκ τοῦ ΠΑΓΙΑΙΟΥ
ΤΟ ΕΘΙΜΟΝ
ΤΗΣ ΠΡΟΣΦΟΡΑΣ ΔΩΡΩΝ

Οἱ Γάλλοι, οἱ Γερμανοὶ καὶ κυρίως οἱ Ἄγγλοι κατὰ τὴν περίοδον αὐτὴν τῶν ἑορτῶν τοῦ ἐπιτρέπουν μικρὰ δῶρα εἰς τὰ πρόσωπα τῆς οἰκογενείας των, εἰς τοὺς φίλους των καὶ εἰς τοὺς ὑπαλλήλους των. Ἄμεσος τοῦ ἐθίμου αὐτοῦ ἔχομεν καὶ ἡμεῖς.

Διοργανώσας ὁ γνωστὸς φιλόξενος ἐμπορικὸς καὶ χαρτοπωλικὸς οἶκος τοῦ κ. Χρ. Κοντάρατου ἐξαιρετικὴν ἔκθεσιν, ἐν τῇ ὁποίᾳ ἐκτίθενται ὅλα τὰ εἴδη τῶν ἑορτῶν.

ΟΠΟΥ ΠΑΣ ΠΕΛΑΤΗΣ ΘΑ ΓΕΙΝῌ ΕΥΧΑΡΙΣΤΗΜΕΝΟΣ

Ἀπὸ πάσαν ἀγορὰν ἡ διαφορὰ ἐπὶ τῶν ἐκπτώσεων. Ἀπὸ 20 δρ. ἐν ἔως 50 δρ. — Ἀπὸ 50 ἔως 100 δρ. — Ἀπὸ 100 ἔως 200 δρ.

ΧΡ. ΚΟΝΤΑΡΑΤΟΣ
Ὁδὸς Σταδίου καὶ Γεωργίου Σταύρου
